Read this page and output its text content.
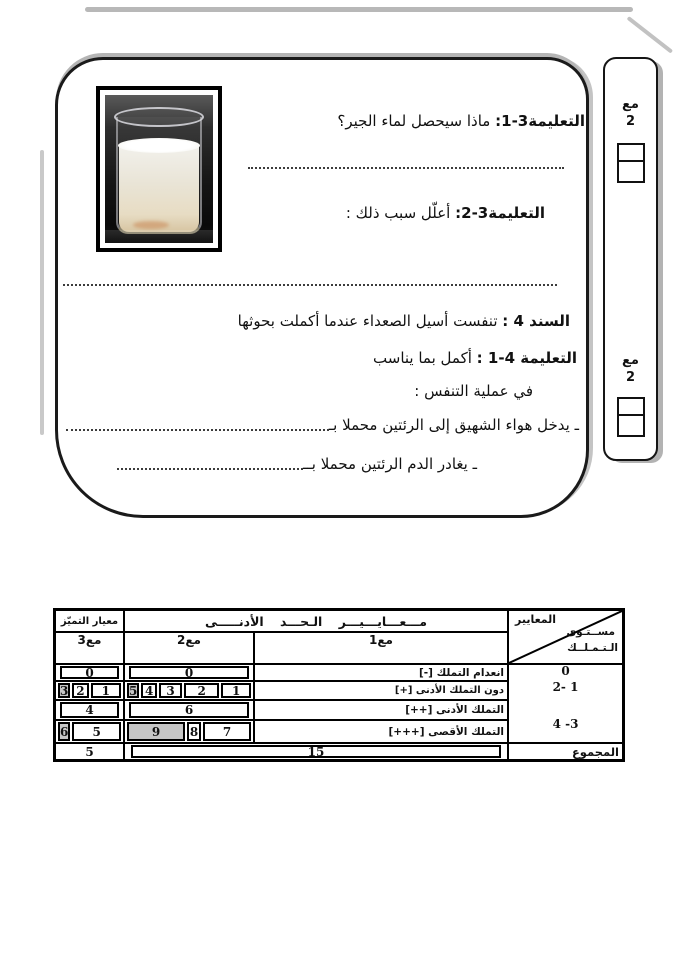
التعليمة3‏-1: ماذا سيحصل لماء الجير؟
التعليمة3‏-2: أعلّل سبب ذلك :
السند 4 : تنفست أسيل الصعداء عندما أكملت بحوثها
التعليمة 4‏-1 : أكمل بما يناسب
في عملية التنفس :
ـ يدخل هواء الشهيق إلى الرئتين محملا بـ
ـ يغادر الدم الرئتين محملا بــ
مع
2
مع
2
المعايير
مســتـوى
الـتـمـلــك
مـــعـــايـــيـــر الـحـــد الأدنـــــى
معيار التميّز
مع1
مع2
مع3
انعدام التملك [-]
0
0	0
2- 1
4 -3
دون التملك الأدنى [+]
1
2
3
4
5
1
2
3
التملك الأدنى [++]
6
4
التملك الأقصى [+++]
7
8
9
5
6
المجموع
15
5
